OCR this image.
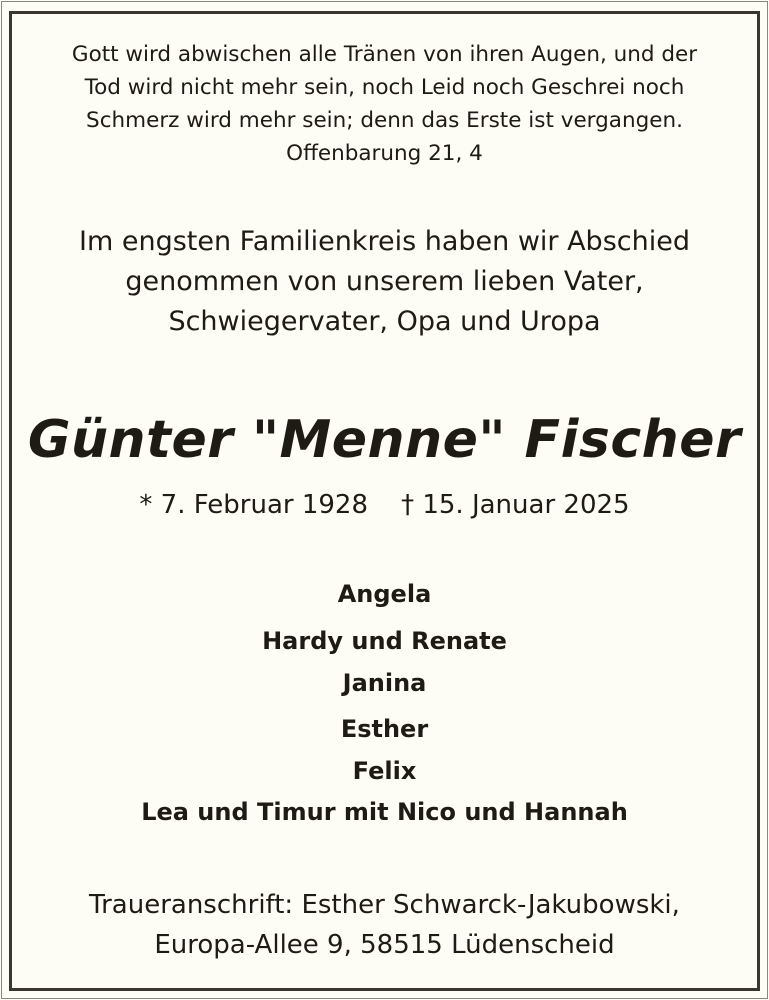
Gott wird abwischen alle Tränen von ihren Augen, und der
Tod wird nicht mehr sein, noch Leid noch Geschrei noch
Schmerz wird mehr sein; denn das Erste ist vergangen.
Offenbarung 21, 4
Im engsten Familienkreis haben wir Abschied
genommen von unserem lieben Vater,
Schwiegervater, Opa und Uropa
Günter "Menne" Fischer
* 7. Februar 1928 † 15. Januar 2025
Angela
Hardy und Renate
Janina
Esther
Felix
Lea und Timur mit Nico und Hannah
Traueranschrift: Esther Schwarck-Jakubowski,
Europa-Allee 9, 58515 Lüdenscheid
